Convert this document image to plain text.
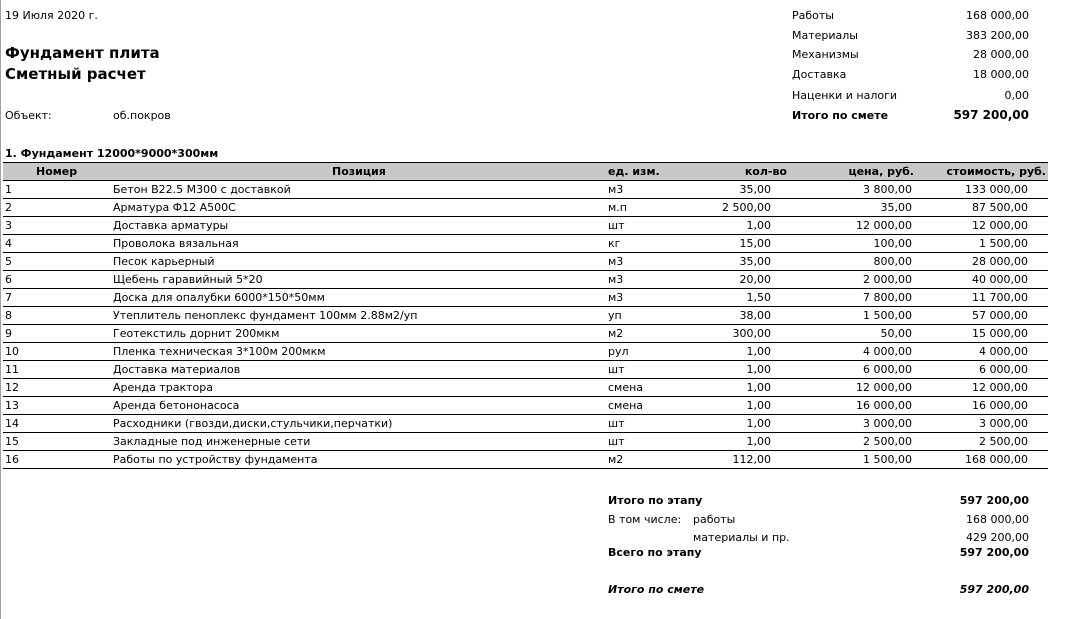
19 Июля 2020 г.
Фундамент плита
Сметный расчет
Объект:	об.покров
Работы	168 000,00
Материалы	383 200,00
Механизмы	28 000,00
Доставка	18 000,00
Наценки и налоги	0,00
Итого по смете	597 200,00
1. Фундамент 12000*9000*300мм
Номер	Позиция	ед. изм.	кол-во	цена, руб.	стоимость, руб.
1	Бетон В22.5 М300 с доставкой	м3	35,00	3 800,00	133 000,00
2	Арматура Ф12 А500С	м.п	2 500,00	35,00	87 500,00
3	Доставка арматуры	шт	1,00	12 000,00	12 000,00
4	Проволока вязальная	кг	15,00	100,00	1 500,00
5	Песок карьерный	м3	35,00	800,00	28 000,00
6	Щебень гаравийный 5*20	м3	20,00	2 000,00	40 000,00
7	Доска для опалубки 6000*150*50мм	м3	1,50	7 800,00	11 700,00
8	Утеплитель пеноплекс фундамент 100мм 2.88м2/уп	уп	38,00	1 500,00	57 000,00
9	Геотекстиль дорнит 200мкм	м2	300,00	50,00	15 000,00
10	Пленка техническая 3*100м 200мкм	рул	1,00	4 000,00	4 000,00
11	Доставка материалов	шт	1,00	6 000,00	6 000,00
12	Аренда трактора	смена	1,00	12 000,00	12 000,00
13	Аренда бетононасоса	смена	1,00	16 000,00	16 000,00
14	Расходники (гвозди,диски,стульчики,перчатки)	шт	1,00	3 000,00	3 000,00
15	Закладные под инженерные сети	шт	1,00	2 500,00	2 500,00
16	Работы по устройству фундамента	м2	112,00	1 500,00	168 000,00
Итого по этапу	597 200,00
В том числе: работы	168 000,00
материалы и пр.	429 200,00
Всего по этапу	597 200,00
Итого по смете	597 200,00
